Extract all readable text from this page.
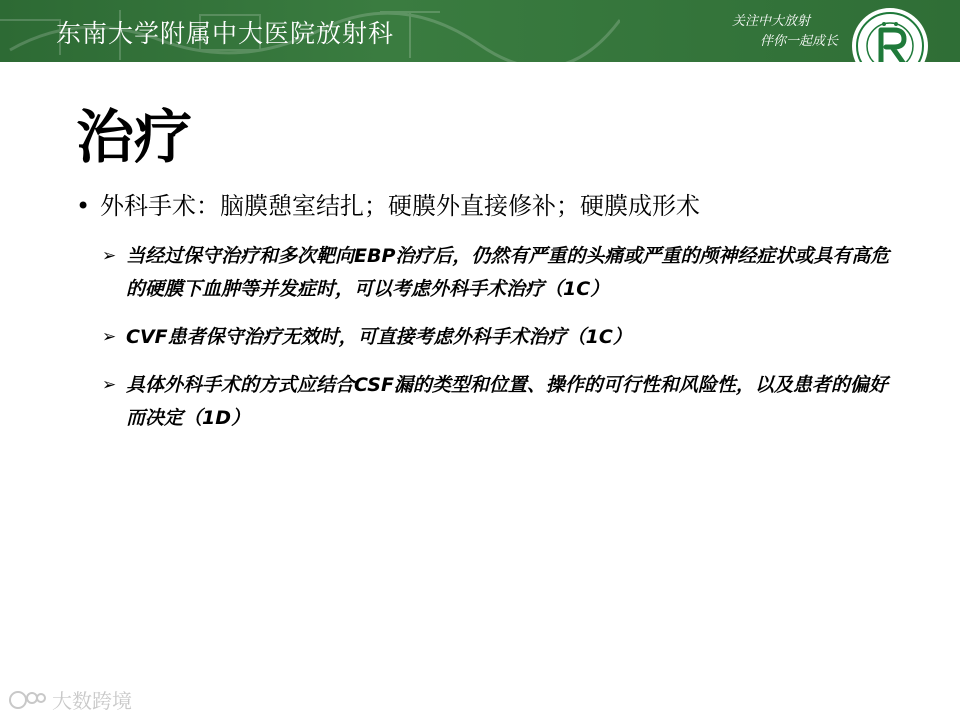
东南大学附属中大医院放射科	关注中大放射
伴你一起成长
治疗
• 外科手术：脑膜憩室结扎；硬膜外直接修补；硬膜成形术
➢ 当经过保守治疗和多次靶向EBP治疗后，仍然有严重的头痛或严重的颅神经症状或具有高危的硬膜下血肿等并发症时，可以考虑外科手术治疗（1C）
➢ CVF患者保守治疗无效时，可直接考虑外科手术治疗（1C）
➢ 具体外科手术的方式应结合CSF漏的类型和位置、操作的可行性和风险性，以及患者的偏好而决定（1D）
大数跨境
